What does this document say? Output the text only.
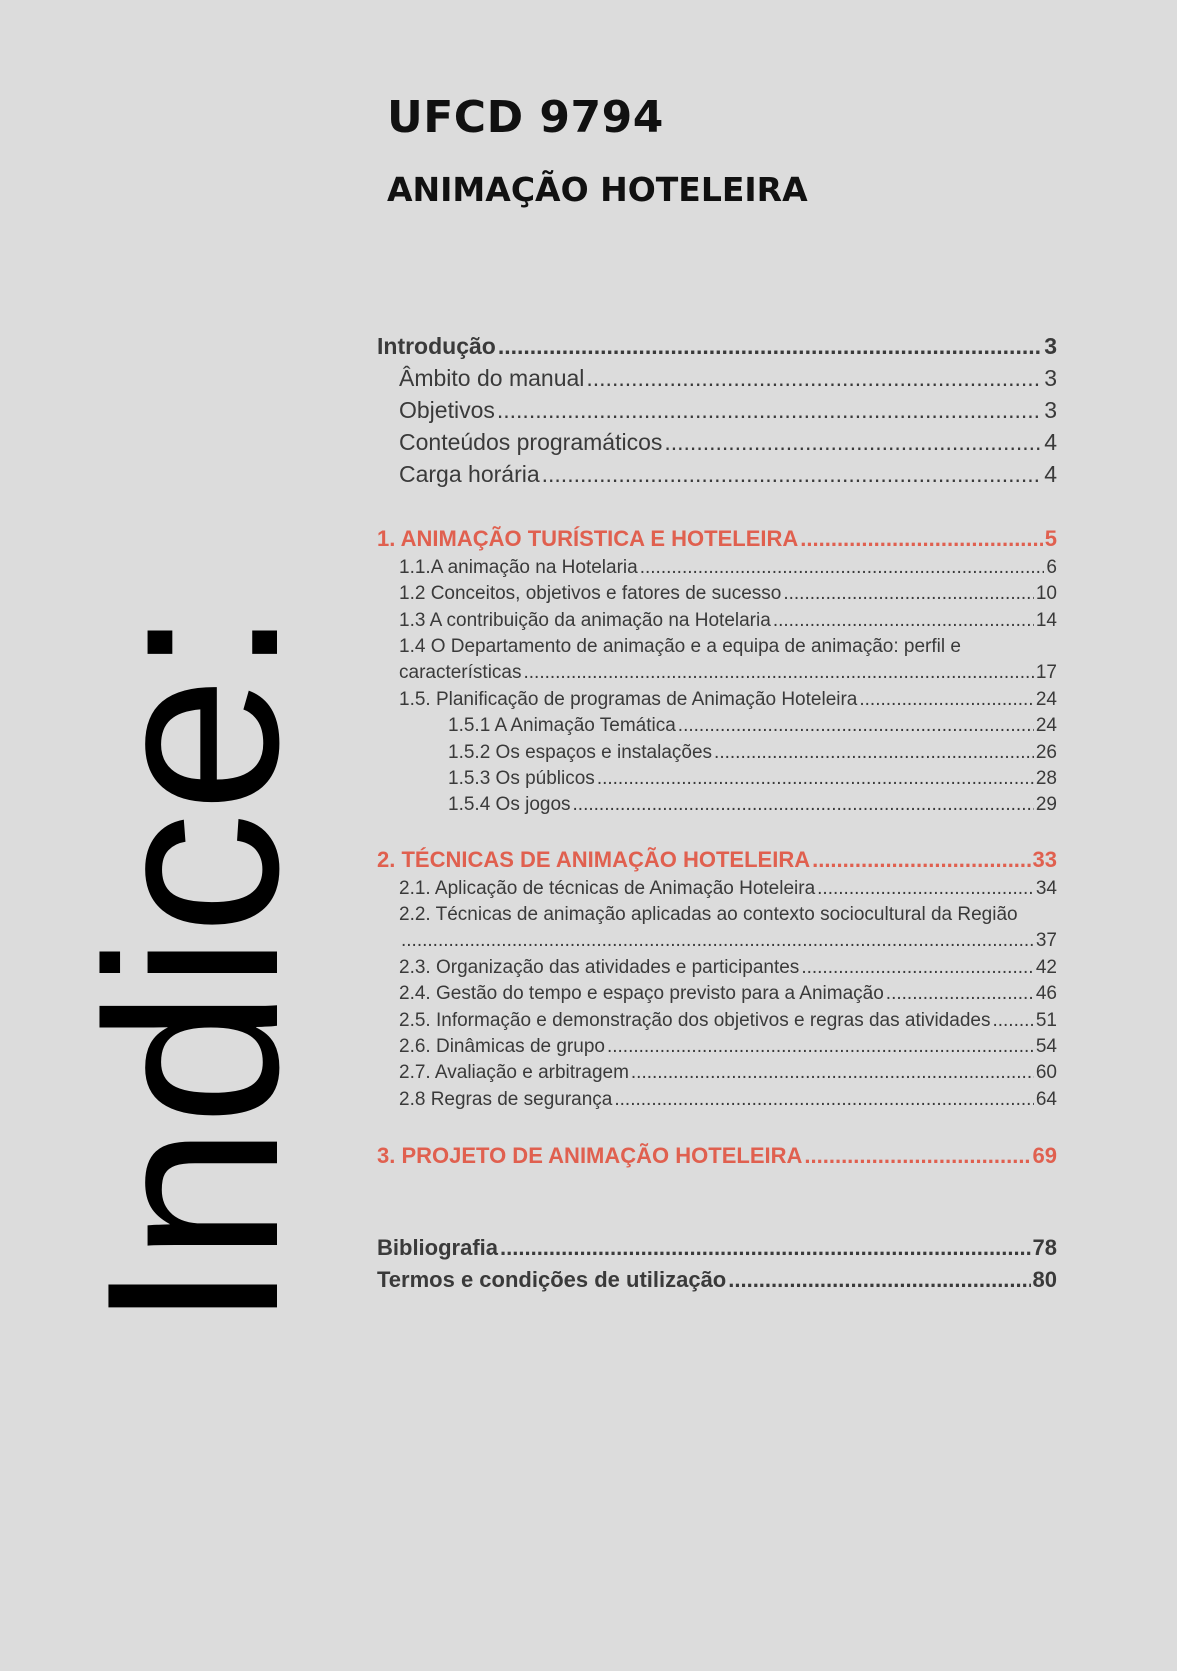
UFCD 9794
ANIMAÇÃO HOTELEIRA
Indice:
Introdução .....	3
Âmbito do manual .....	3
Objetivos .....	3
Conteúdos programáticos .....	4
Carga horária .....	4
1. ANIMAÇÃO TURÍSTICA E HOTELEIRA .....	5
1.1.A animação na Hotelaria .....	6
1.2 Conceitos, objetivos e fatores de sucesso .....	10
1.3 A contribuição da animação na Hotelaria .....	14
1.4 O Departamento de animação e a equipa de animação: perfil e
características .....	17
1.5. Planificação de programas de Animação Hoteleira .....	24
1.5.1 A Animação Temática .....	24
1.5.2 Os espaços e instalações .....	26
1.5.3 Os públicos .....	28
1.5.4 Os jogos .....	29
2. TÉCNICAS DE ANIMAÇÃO HOTELEIRA .....	33
2.1. Aplicação de técnicas de Animação Hoteleira .....	34
2.2. Técnicas de animação aplicadas ao contexto sociocultural da Região
.....
37
2.3. Organização das atividades e participantes .....	42
2.4. Gestão do tempo e espaço previsto para a Animação .....	46
2.5. Informação e demonstração dos objetivos e regras das atividades ..... 51
2.6. Dinâmicas de grupo .....	54
2.7. Avaliação e arbitragem .....	60
2.8 Regras de segurança .....	64
3. PROJETO DE ANIMAÇÃO HOTELEIRA .....	69
Bibliografia .....	78
Termos e condições de utilização .....	80
